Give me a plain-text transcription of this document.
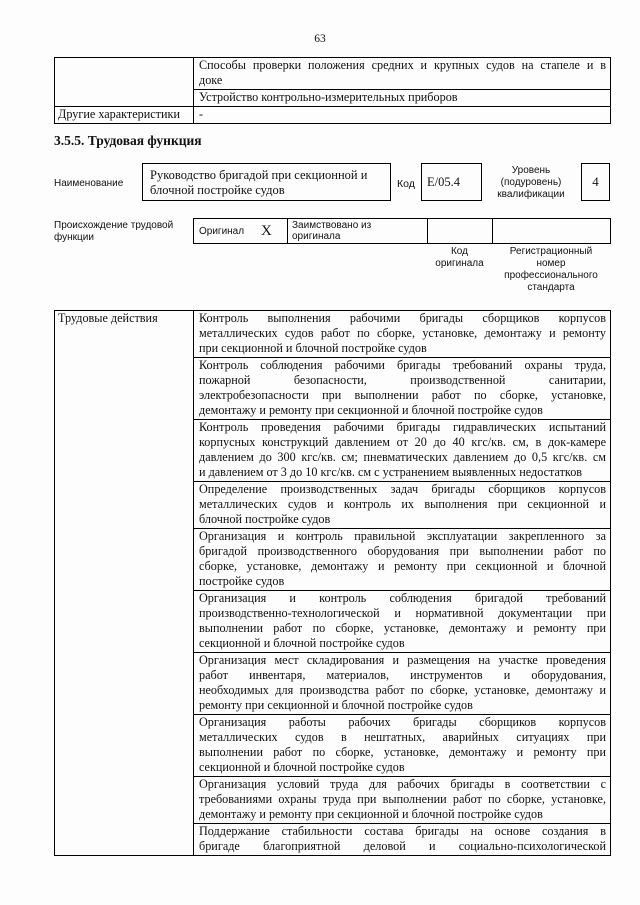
63

	Способы проверки положения средних и крупных судов на стапеле и в
доке

	Устройство контрольно-измерительных приборов

Другие характеристики	-
3.5.5. Трудовая функция
Наименование
Руководство бригадой при секционной и
блочной постройке судов	Код E/05.4
Уровень
(подуровень)
квалификации
4
Происхождение трудовой
функции
Оригинал X	Заимствовано из
оригинала

Код
оригинала
Регистрационный
номер
профессионального
стандарта
Трудовые действия	Контроль выполнения рабочими бригады сборщиков корпусов
металлических судов работ по сборке, установке, демонтажу и ремонту
при секционной и блочной постройке судов

Контроль соблюдения рабочими бригады требований охраны труда,
пожарной безопасности, производственной санитарии,
электробезопасности при выполнении работ по сборке, установке,
демонтажу и ремонту при секционной и блочной постройке судов

Контроль проведения рабочими бригады гидравлических испытаний
корпусных конструкций давлением от 20 до 40 кгс/кв. см, в док-камере
давлением до 300 кгс/кв. см; пневматических давлением до 0,5 кгс/кв. см
и давлением от 3 до 10 кгс/кв. см с устранением выявленных недостатков

Определение производственных задач бригады сборщиков корпусов
металлических судов и контроль их выполнения при секционной и
блочной постройке судов

Организация и контроль правильной эксплуатации закрепленного за
бригадой производственного оборудования при выполнении работ по
сборке, установке, демонтажу и ремонту при секционной и блочной
постройке судов

Организация и контроль соблюдения бригадой требований
производственно-технологической и нормативной документации при
выполнении работ по сборке, установке, демонтажу и ремонту при
секционной и блочной постройке судов

Организация мест складирования и размещения на участке проведения
работ инвентаря, материалов, инструментов и оборудования,
необходимых для производства работ по сборке, установке, демонтажу и
ремонту при секционной и блочной постройке судов

Организация работы рабочих бригады сборщиков корпусов
металлических судов в нештатных, аварийных ситуациях при
выполнении работ по сборке, установке, демонтажу и ремонту при
секционной и блочной постройке судов

Организация условий труда для рабочих бригады в соответствии с
требованиями охраны труда при выполнении работ по сборке, установке,
демонтажу и ремонту при секционной и блочной постройке судов

Поддержание стабильности состава бригады на основе создания в
бригаде благоприятной деловой и социально-психологической
